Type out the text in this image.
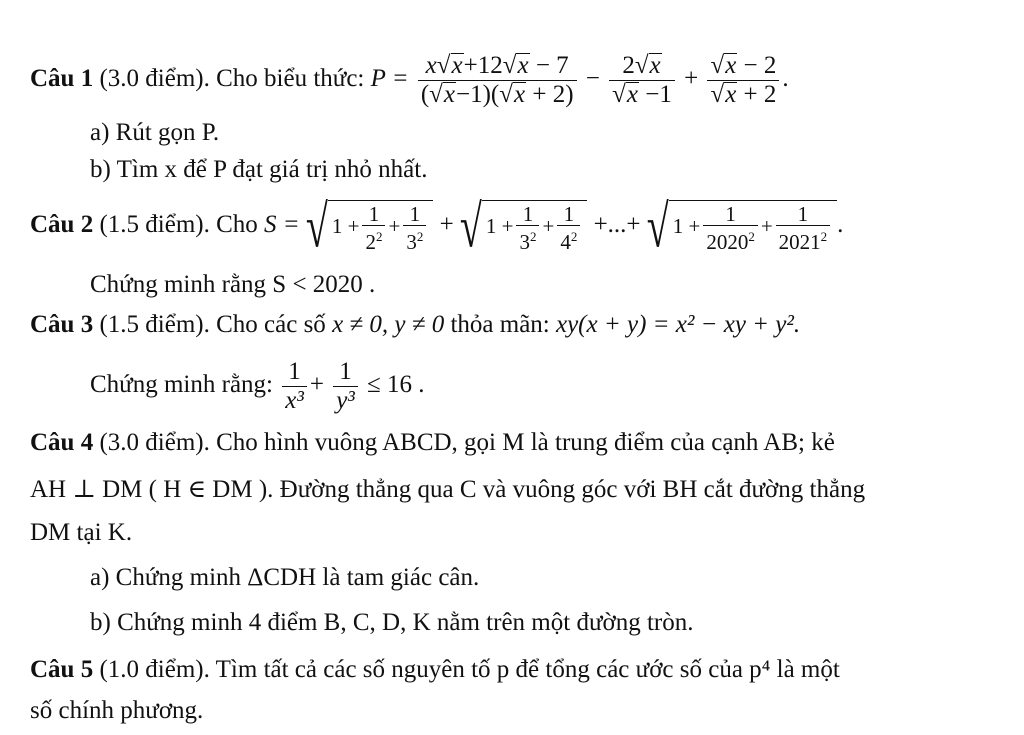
Câu 1 (3.0 điểm). Cho biểu thức: $P = \frac{x√x+12√x - 7}{(√x-1)(√x + 2)} - \frac{2√x}{√x -1} + \frac{√x - 2}{√x + 2}$ .
a) Rút gọn P.
b) Tìm x để P đạt giá trị nhỏ nhất.
Câu 2 (1.5 điểm). Cho S = √ $1 + \frac{1}{2^2} + \frac{1}{3^2}$ + √ $1 + \frac{1}{3^2} + \frac{1}{4^2}$ +...+ √ $1 + \frac{1}{2020^2} + \frac{1}{2021^2}$ .
Chứng minh rằng S < 2020 .
Câu 3 (1.5 điểm). Cho các số x ≠ 0, y ≠ 0 thỏa mãn: xy(x + y) = x² − xy + y².
Chứng minh rằng: $\frac{1}{\text{x³}} + \frac{1}{\text{y³}} \le 16$ .
Câu 4 (3.0 điểm). Cho hình vuông ABCD, gọi M là trung điểm của cạnh AB; kẻ
AH ⊥ DM ( H ∈ DM ). Đường thẳng qua C và vuông góc với BH cắt đường thẳng
DM tại K.
a) Chứng minh ΔCDH là tam giác cân.
b) Chứng minh 4 điểm B, C, D, K nằm trên một đường tròn.
Câu 5 (1.0 điểm). Tìm tất cả các số nguyên tố p để tổng các ước số của p⁴ là một
số chính phương.
